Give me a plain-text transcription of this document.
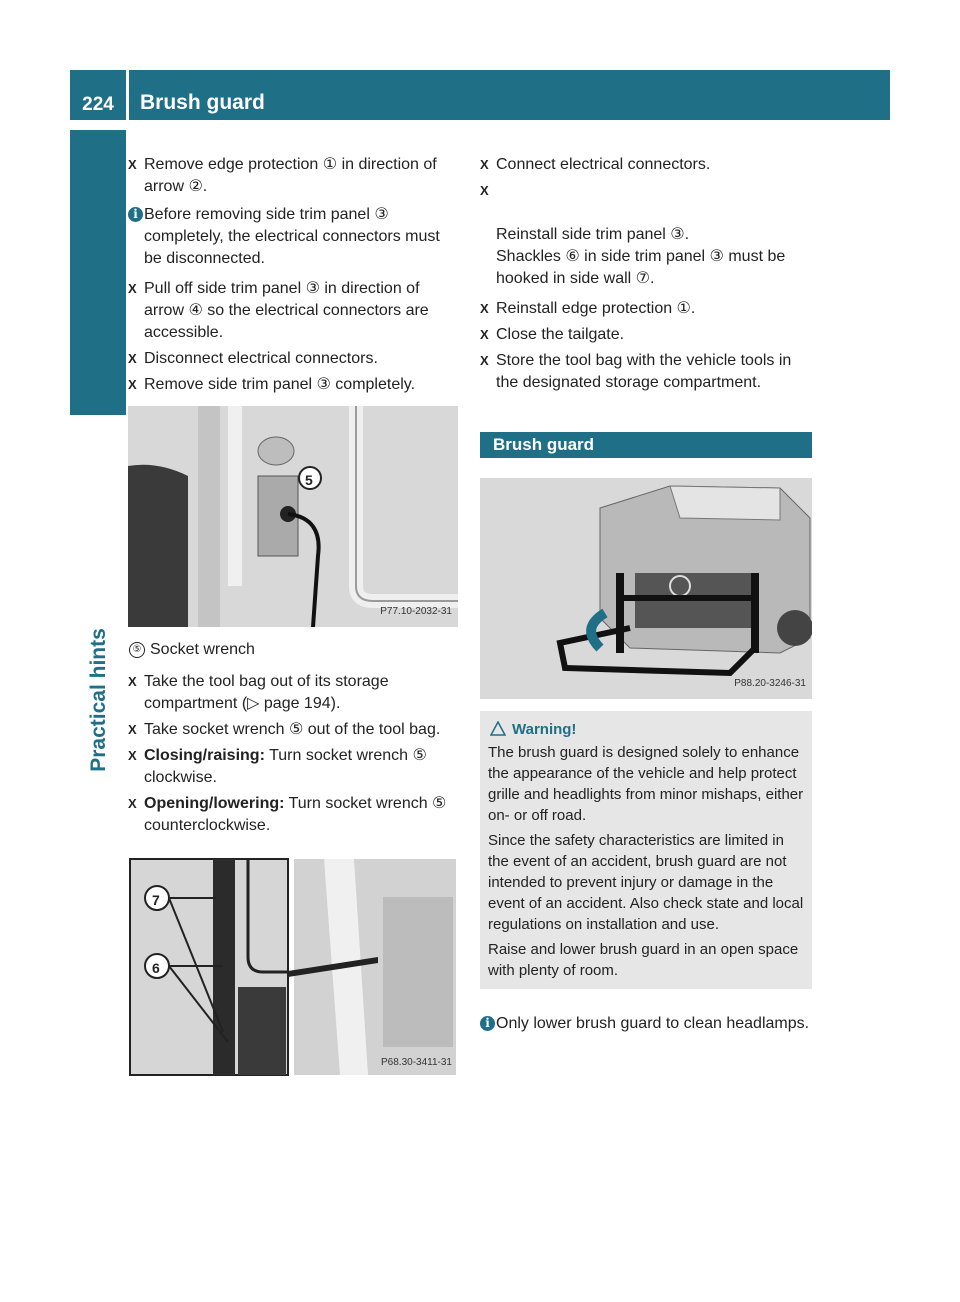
224	Brush guard
Practical hints
X Remove edge protection ① in direction of arrow ②.
i Before removing side trim panel ③ completely, the electrical connectors must be disconnected.
X Pull off side trim panel ③ in direction of arrow ④ so the electrical connectors are accessible.
X Disconnect electrical connectors.
X Remove side trim panel ③ completely.
5
P77.10-2032-31
⑤ Socket wrench
X Take the tool bag out of its storage compartment (▷ page 194).
X Take socket wrench ⑤ out of the tool bag.
X Closing/raising: Turn socket wrench ⑤ clockwise.
X Opening/lowering: Turn socket wrench ⑤ counterclockwise.
7
6
P68.30-3411-31
X Connect electrical connectors.

X

Reinstall side trim panel ③.
Shackles ⑥ in side trim panel ③ must be hooked in side wall ⑦.

X Reinstall edge protection ①.
X Close the tailgate.
X Store the tool bag with the vehicle tools in the designated storage compartment.
Brush guard
P88.20-3246-31
Warning!

The brush guard is designed solely to enhance the appearance of the vehicle and help protect grille and headlights from minor mishaps, either on- or off road.

Since the safety characteristics are limited in the event of an accident, brush guard are not intended to prevent injury or damage in the event of an accident. Also check state and local regulations on installation and use.

Raise and lower brush guard in an open space with plenty of room.

i Only lower brush guard to clean headlamps.
